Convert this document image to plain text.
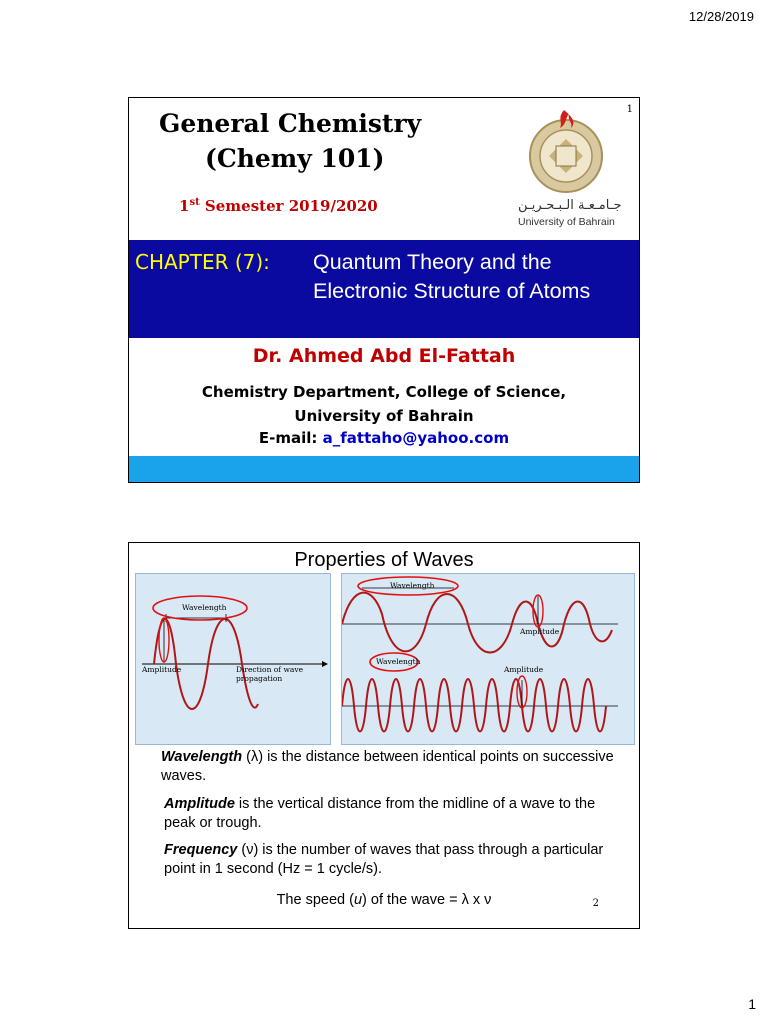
12/28/2019
1
General Chemistry
(Chemy 101)
1st Semester 2019/2020	جـامـعـة الـبـحـريـن
University of Bahrain
CHAPTER (7): Quantum Theory and the Electronic Structure of Atoms
Dr. Ahmed Abd El-Fattah
Chemistry Department, College of Science,
University of Bahrain
E-mail: a_fattaho@yahoo.com
Properties of Waves
Wavelength
Amplitude	Direction of wave
propagation
Wavelength
Amplitude
Wavelength
Amplitude
Wavelength (λ) is the distance between identical points on successive waves.
Amplitude is the vertical distance from the midline of a wave to the peak or trough.
Frequency (ν) is the number of waves that pass through a particular point in 1 second (Hz = 1 cycle/s).
The speed (u) of the wave = λ x ν	2
1
